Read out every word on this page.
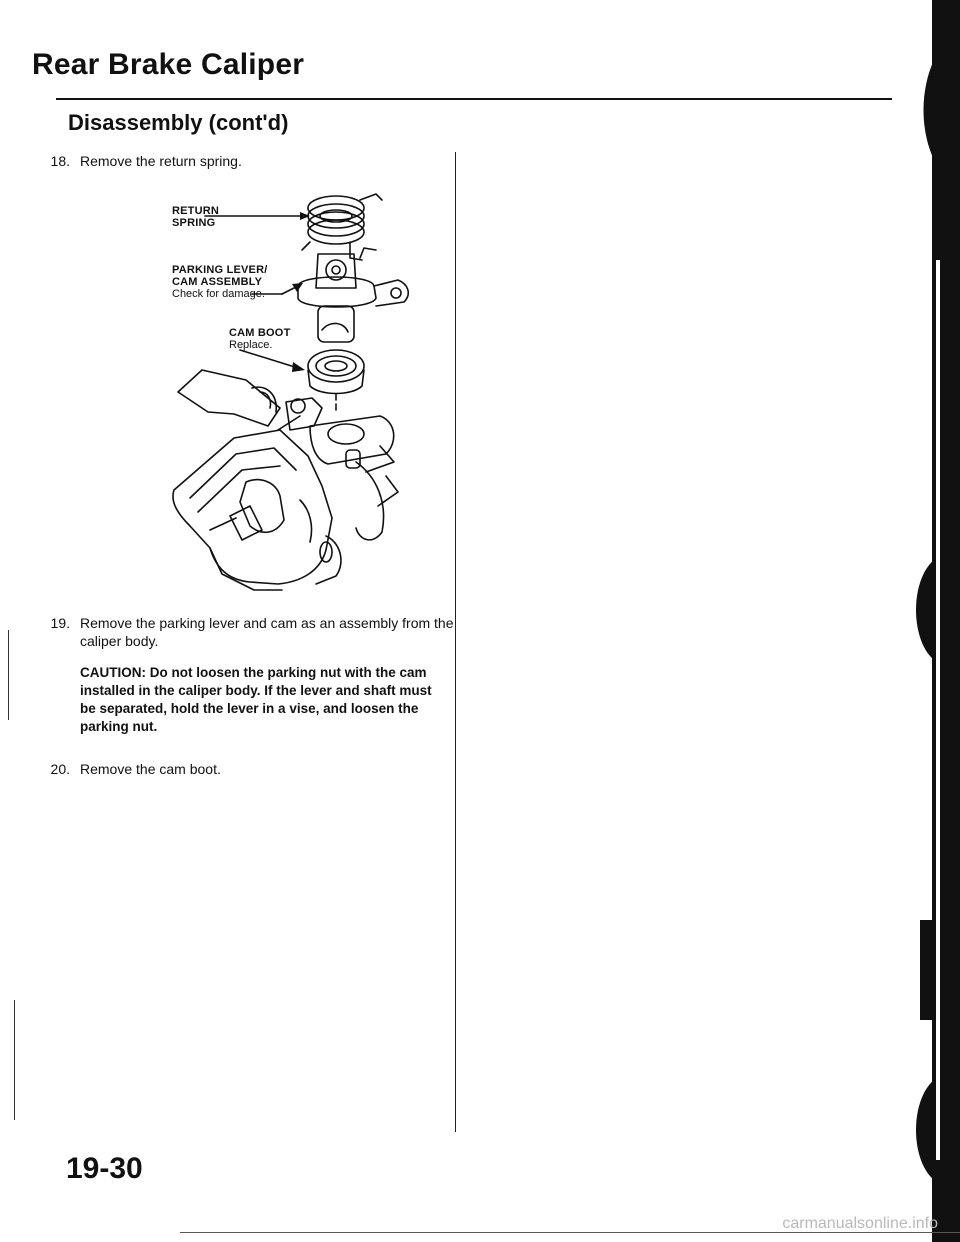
Rear Brake Caliper
Disassembly (cont'd)
18. Remove the return spring.
RETURN
SPRING
PARKING LEVER/
CAM ASSEMBLY
Check for damage.
CAM BOOT
Replace.
19. Remove the parking lever and cam as an assembly from the caliper body.
CAUTION: Do not loosen the parking nut with the cam installed in the caliper body. If the lever and shaft must be separated, hold the lever in a vise, and loosen the parking nut.
20. Remove the cam boot.
19-30
carmanualsonline.info
